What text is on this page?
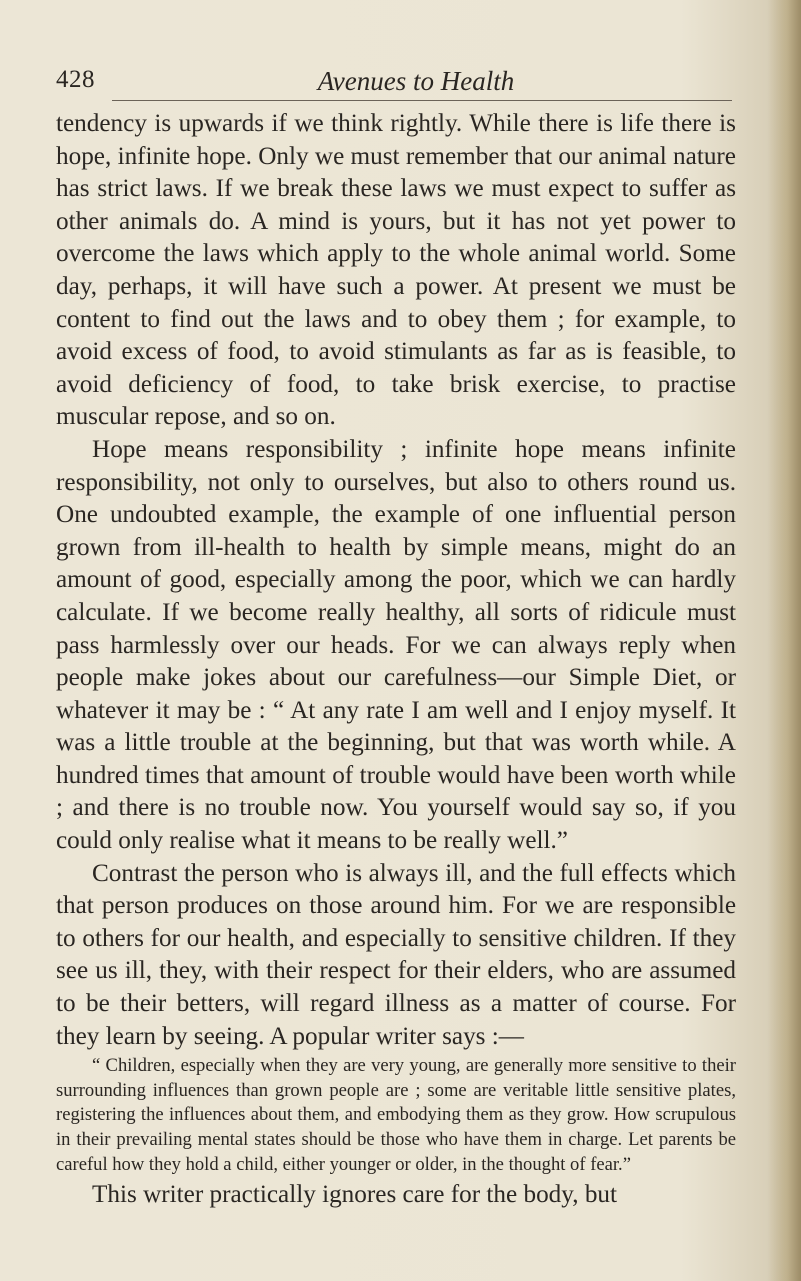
428	Avenues to Health

tendency is upwards if we think rightly. While there is life there is hope, infinite hope. Only we must remember that our animal nature has strict laws. If we break these laws we must expect to suffer as other animals do. A mind is yours, but it has not yet power to overcome the laws which apply to the whole animal world. Some day, perhaps, it will have such a power. At present we must be content to find out the laws and to obey them ; for example, to avoid excess of food, to avoid stimulants as far as is feasible, to avoid deficiency of food, to take brisk exercise, to practise muscular repose, and so on.

Hope means responsibility ; infinite hope means infinite responsibility, not only to ourselves, but also to others round us. One undoubted example, the example of one influential person grown from ill-health to health by simple means, might do an amount of good, especially among the poor, which we can hardly calculate. If we become really healthy, all sorts of ridicule must pass harmlessly over our heads. For we can always reply when people make jokes about our carefulness—our Simple Diet, or whatever it may be : “ At any rate I am well and I enjoy myself. It was a little trouble at the beginning, but that was worth while. A hundred times that amount of trouble would have been worth while ; and there is no trouble now. You yourself would say so, if you could only realise what it means to be really well.”

Contrast the person who is always ill, and the full effects which that person produces on those around him. For we are responsible to others for our health, and especially to sensitive children. If they see us ill, they, with their respect for their elders, who are assumed to be their betters, will regard illness as a matter of course. For they learn by seeing. A popular writer says :—

“ Children, especially when they are very young, are generally more sensitive to their surrounding influences than grown people are ; some are veritable little sensitive plates, registering the influences about them, and embodying them as they grow. How scrupulous in their prevailing mental states should be those who have them in charge. Let parents be careful how they hold a child, either younger or older, in the thought of fear.”

This writer practically ignores care for the body, but
